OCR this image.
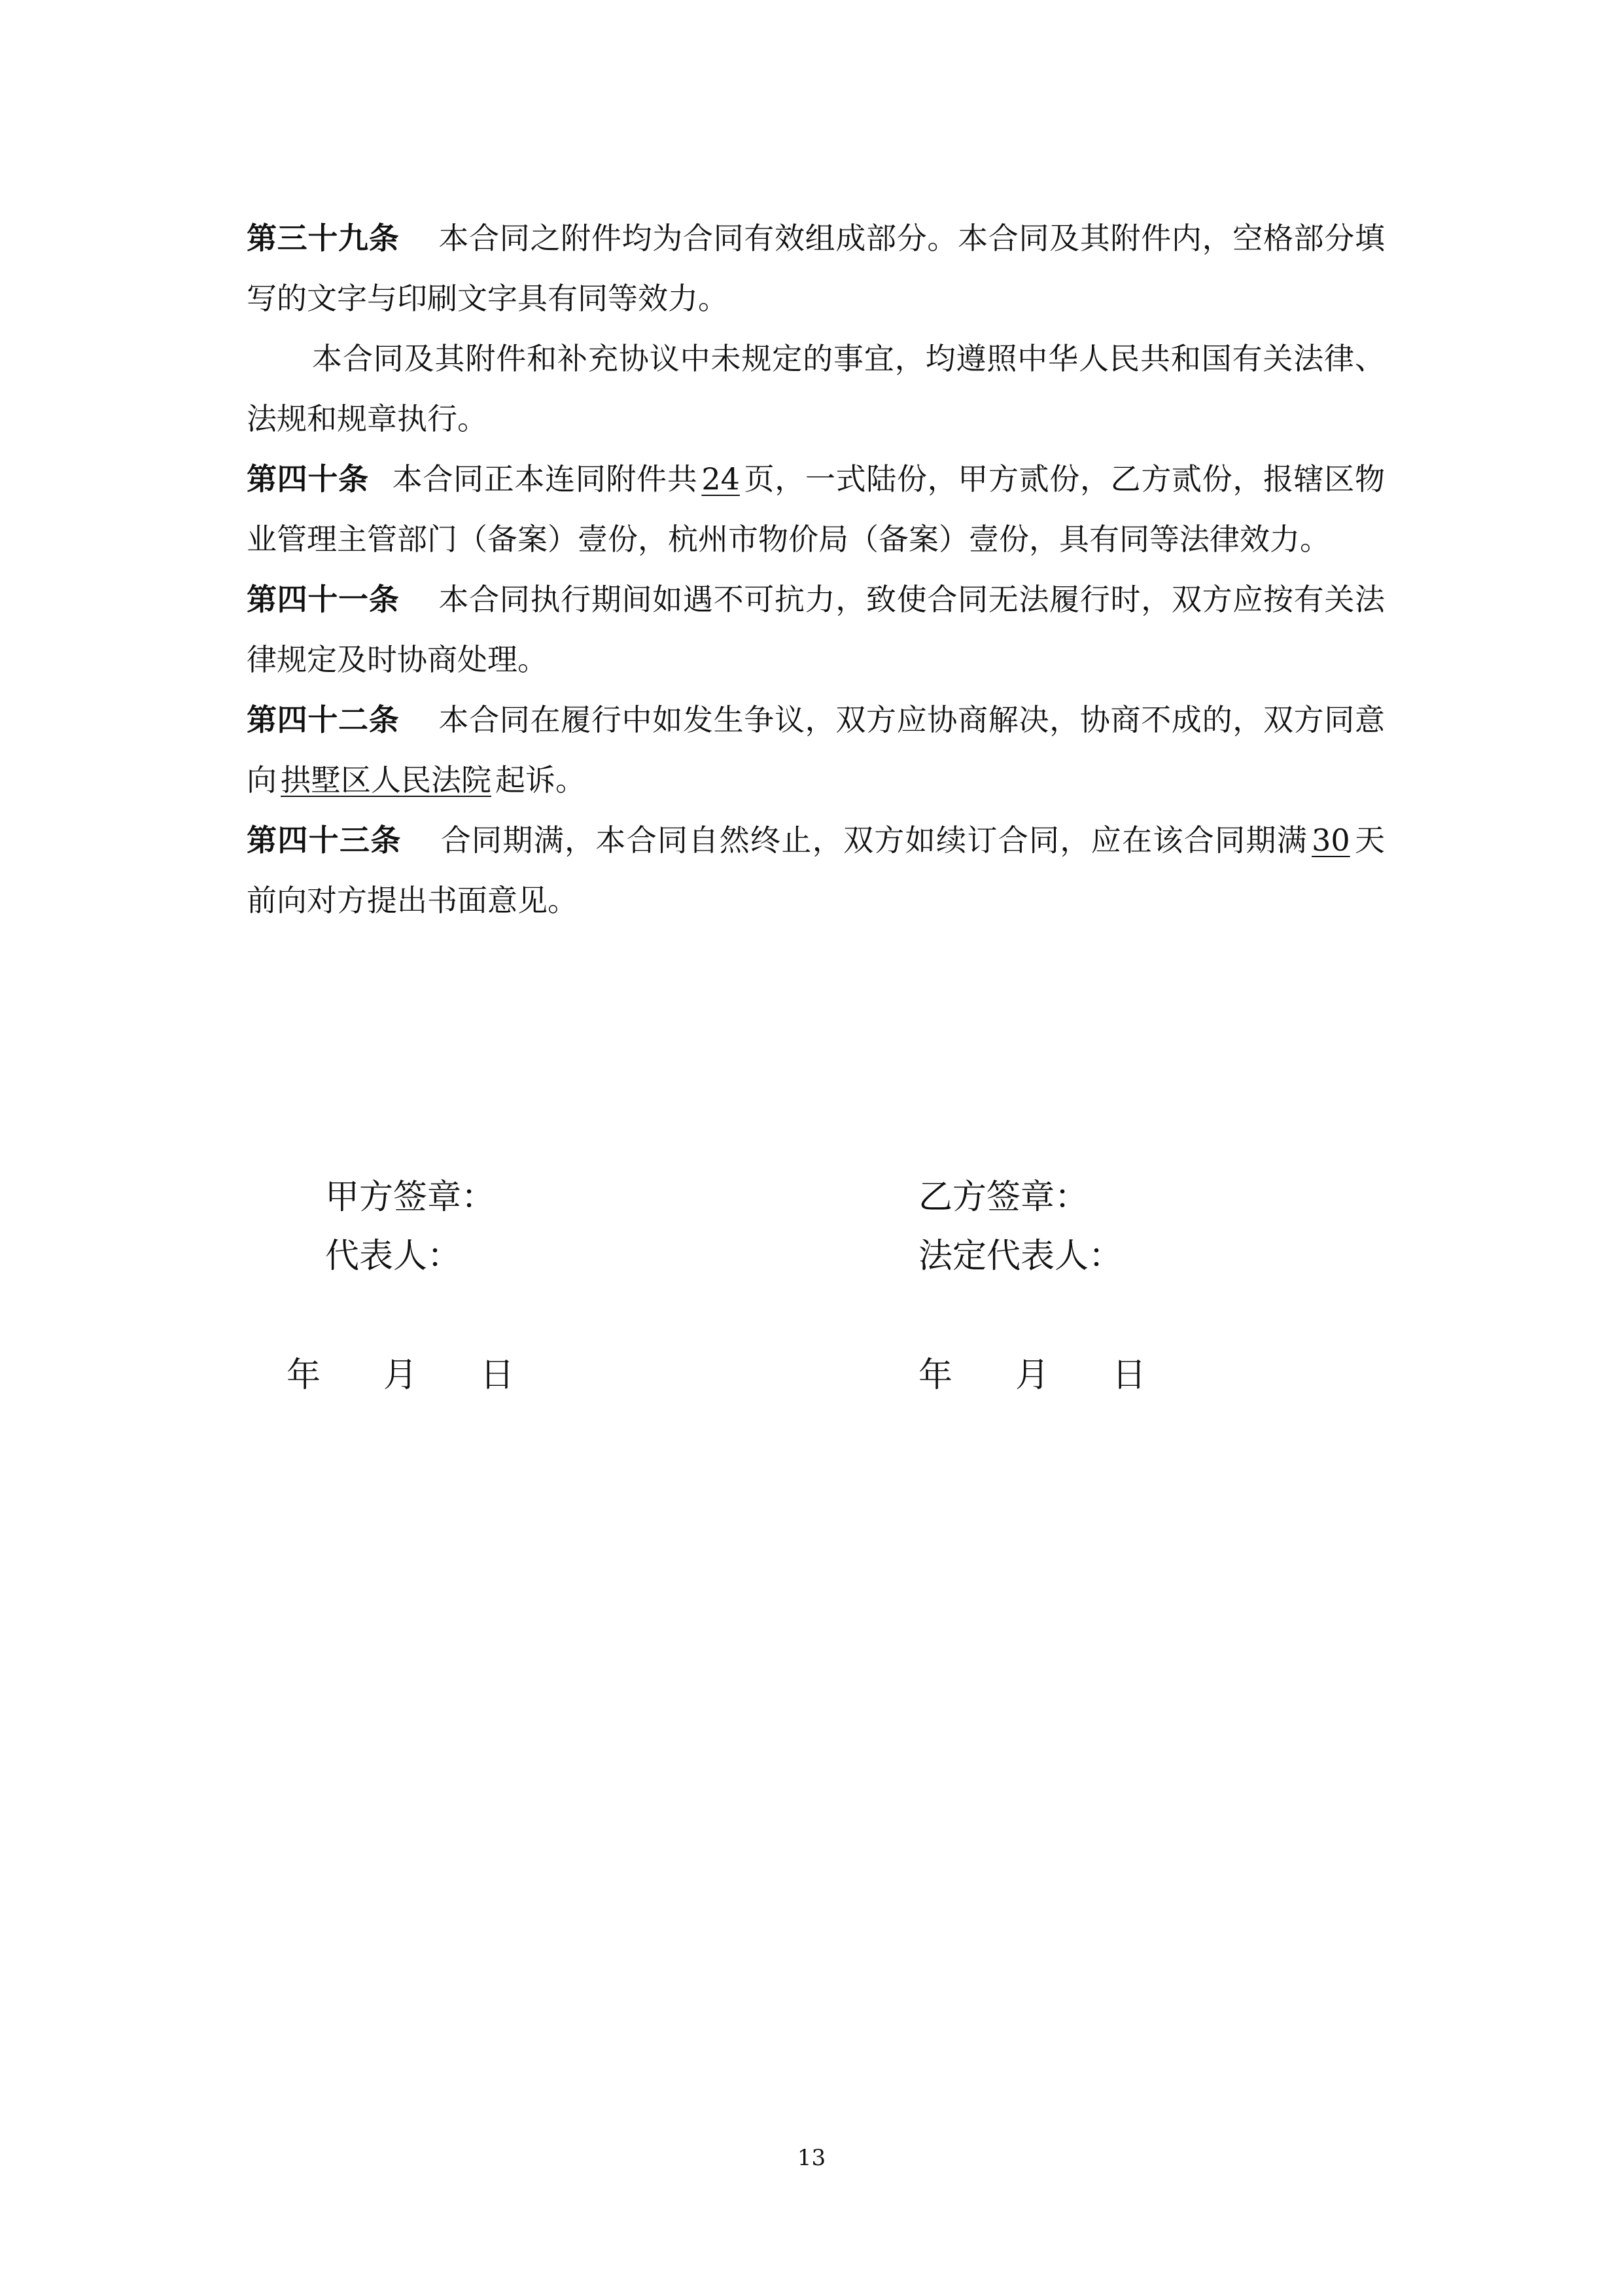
第三十九条 本合同之附件均为合同有效组成部分。本合同及其附件内，空格部分填写的文字与印刷文字具有同等效力。

本合同及其附件和补充协议中未规定的事宜，均遵照中华人民共和国有关法律、法规和规章执行。

第四十条 本合同正本连同附件共 24 页，一式陆份，甲方贰份，乙方贰份，报辖区物业管理主管部门（备案）壹份，杭州市物价局（备案）壹份，具有同等法律效力。

第四十一条 本合同执行期间如遇不可抗力，致使合同无法履行时，双方应按有关法律规定及时协商处理。

第四十二条 本合同在履行中如发生争议，双方应协商解决，协商不成的，双方同意向 拱墅区人民法院 起诉。

第四十三条 合同期满，本合同自然终止，双方如续订合同，应在该合同期满 30 天前向对方提出书面意见。

甲方签章：
代表人：
乙方签章：
法定代表人：
年 月 日	年 月 日
13
